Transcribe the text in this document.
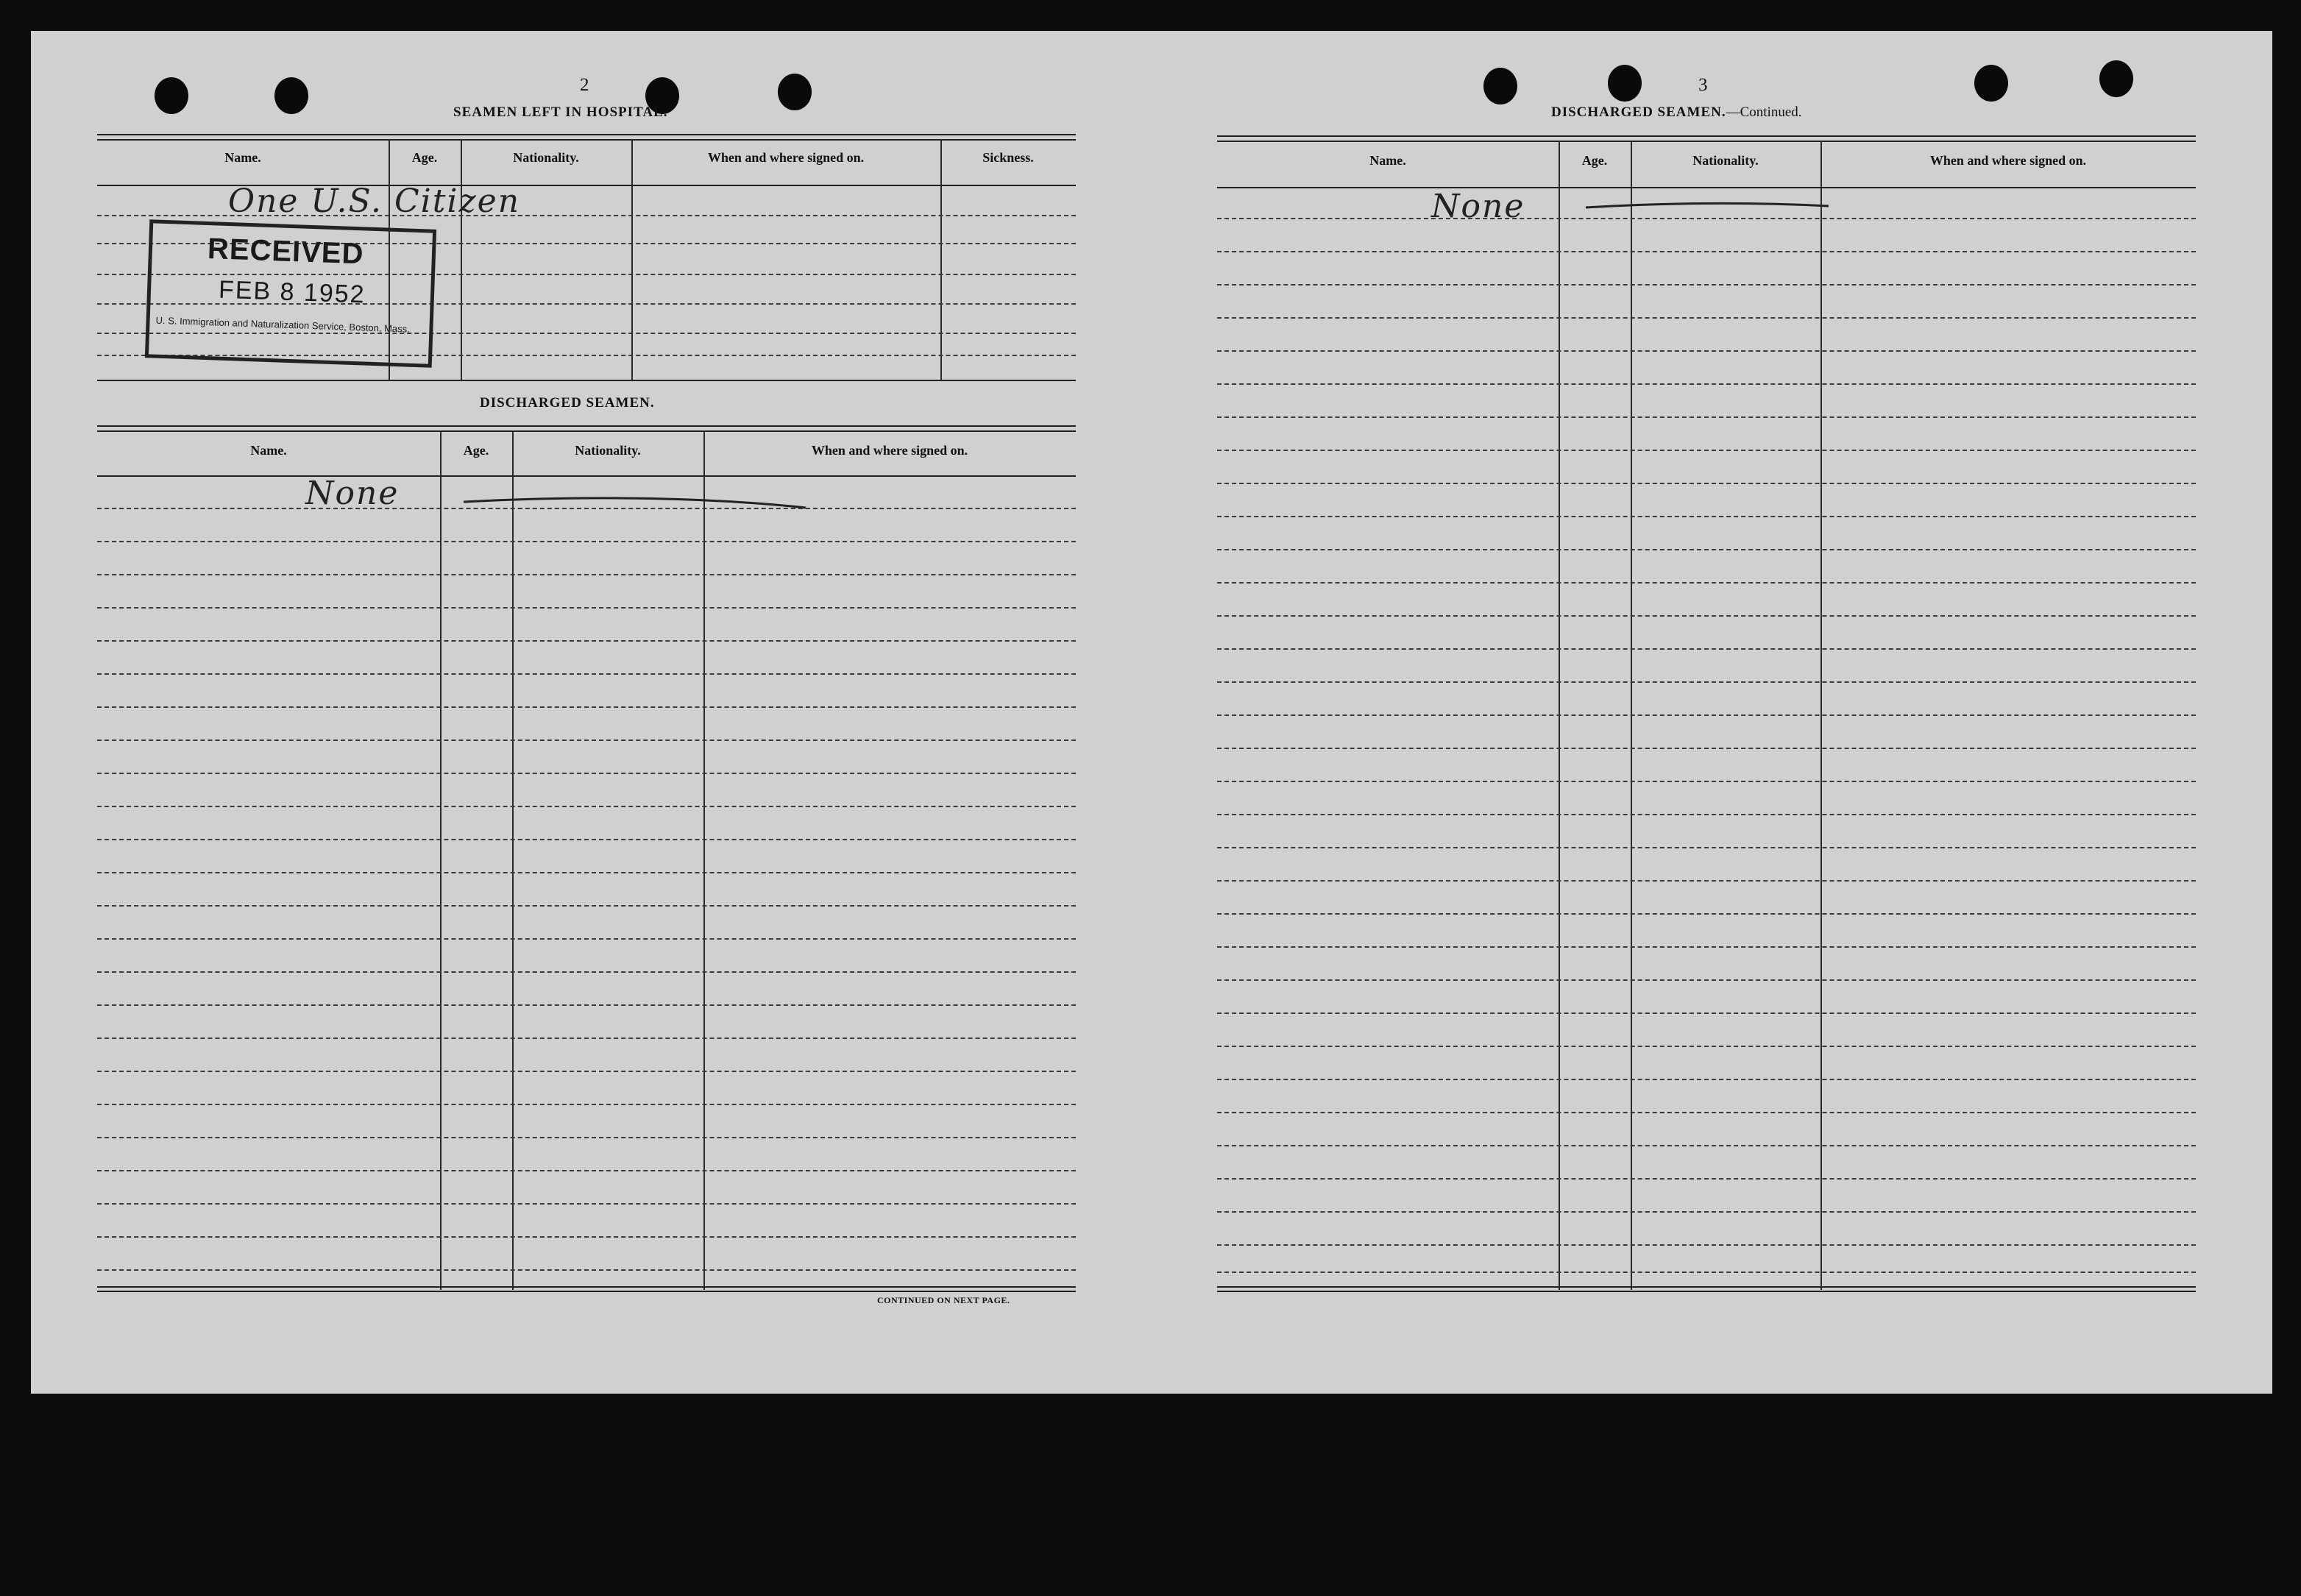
2
SEAMEN LEFT IN HOSPITAL.
Name.	Age.	Nationality.	When and where signed on.	Sickness.
One U.S. Citizen
RECEIVED
FEB 8 1952
U. S. Immigration and Naturalization Service, Boston, Mass.
DISCHARGED SEAMEN.
Name.	Age.	Nationality.	When and where signed on.
None
CONTINUED ON NEXT PAGE.
3
DISCHARGED SEAMEN.—Continued.
Name.	Age.	Nationality.	When and where signed on.
None
